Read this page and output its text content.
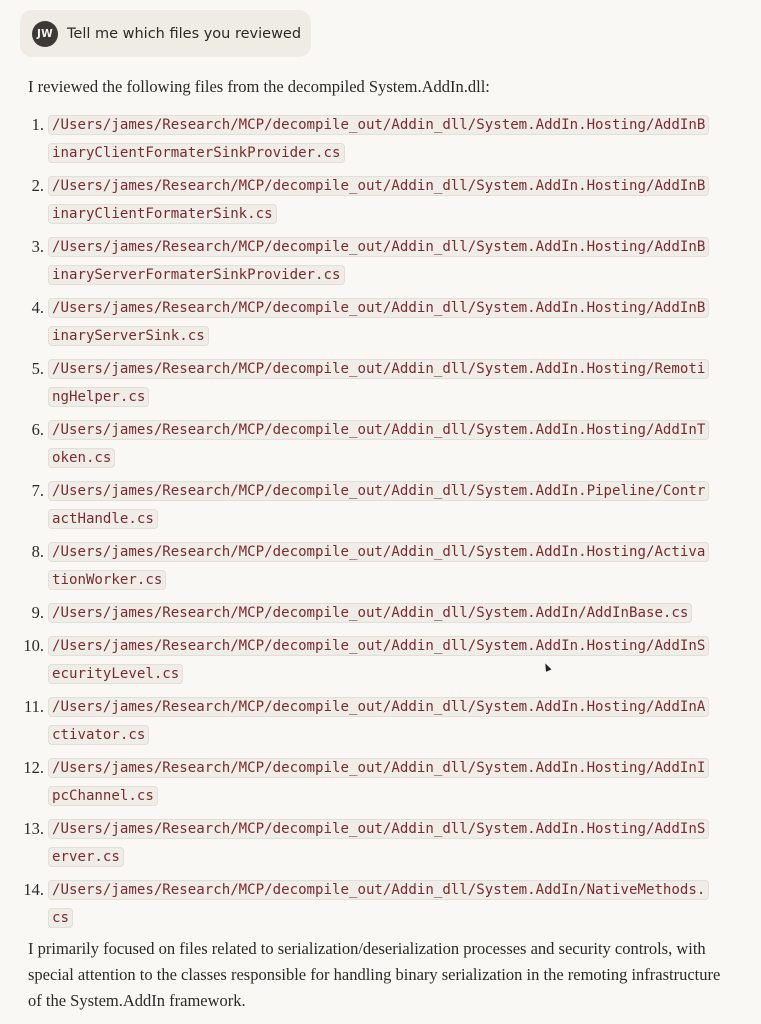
JW Tell me which files you reviewed

I reviewed the following files from the decompiled System.AddIn.dll:

1. /Users/james/Research/MCP/decompile_out/Addin_dll/System.AddIn.Hosting/AddInBinaryClientFormaterSinkProvider.cs
2. /Users/james/Research/MCP/decompile_out/Addin_dll/System.AddIn.Hosting/AddInBinaryClientFormaterSink.cs
3. /Users/james/Research/MCP/decompile_out/Addin_dll/System.AddIn.Hosting/AddInBinaryServerFormaterSinkProvider.cs
4. /Users/james/Research/MCP/decompile_out/Addin_dll/System.AddIn.Hosting/AddInBinaryServerSink.cs
5. /Users/james/Research/MCP/decompile_out/Addin_dll/System.AddIn.Hosting/RemotingHelper.cs
6. /Users/james/Research/MCP/decompile_out/Addin_dll/System.AddIn.Hosting/AddInToken.cs
7. /Users/james/Research/MCP/decompile_out/Addin_dll/System.AddIn.Pipeline/ContractHandle.cs
8. /Users/james/Research/MCP/decompile_out/Addin_dll/System.AddIn.Hosting/ActivationWorker.cs
9. /Users/james/Research/MCP/decompile_out/Addin_dll/System.AddIn/AddInBase.cs
10. /Users/james/Research/MCP/decompile_out/Addin_dll/System.AddIn.Hosting/AddInSecurityLevel.cs
11. /Users/james/Research/MCP/decompile_out/Addin_dll/System.AddIn.Hosting/AddInActivator.cs
12. /Users/james/Research/MCP/decompile_out/Addin_dll/System.AddIn.Hosting/AddInIpcChannel.cs
13. /Users/james/Research/MCP/decompile_out/Addin_dll/System.AddIn.Hosting/AddInServer.cs
14. /Users/james/Research/MCP/decompile_out/Addin_dll/System.AddIn/NativeMethods.cs

I primarily focused on files related to serialization/deserialization processes and security controls, with special attention to the classes responsible for handling binary serialization in the remoting infrastructure of the System.AddIn framework.
